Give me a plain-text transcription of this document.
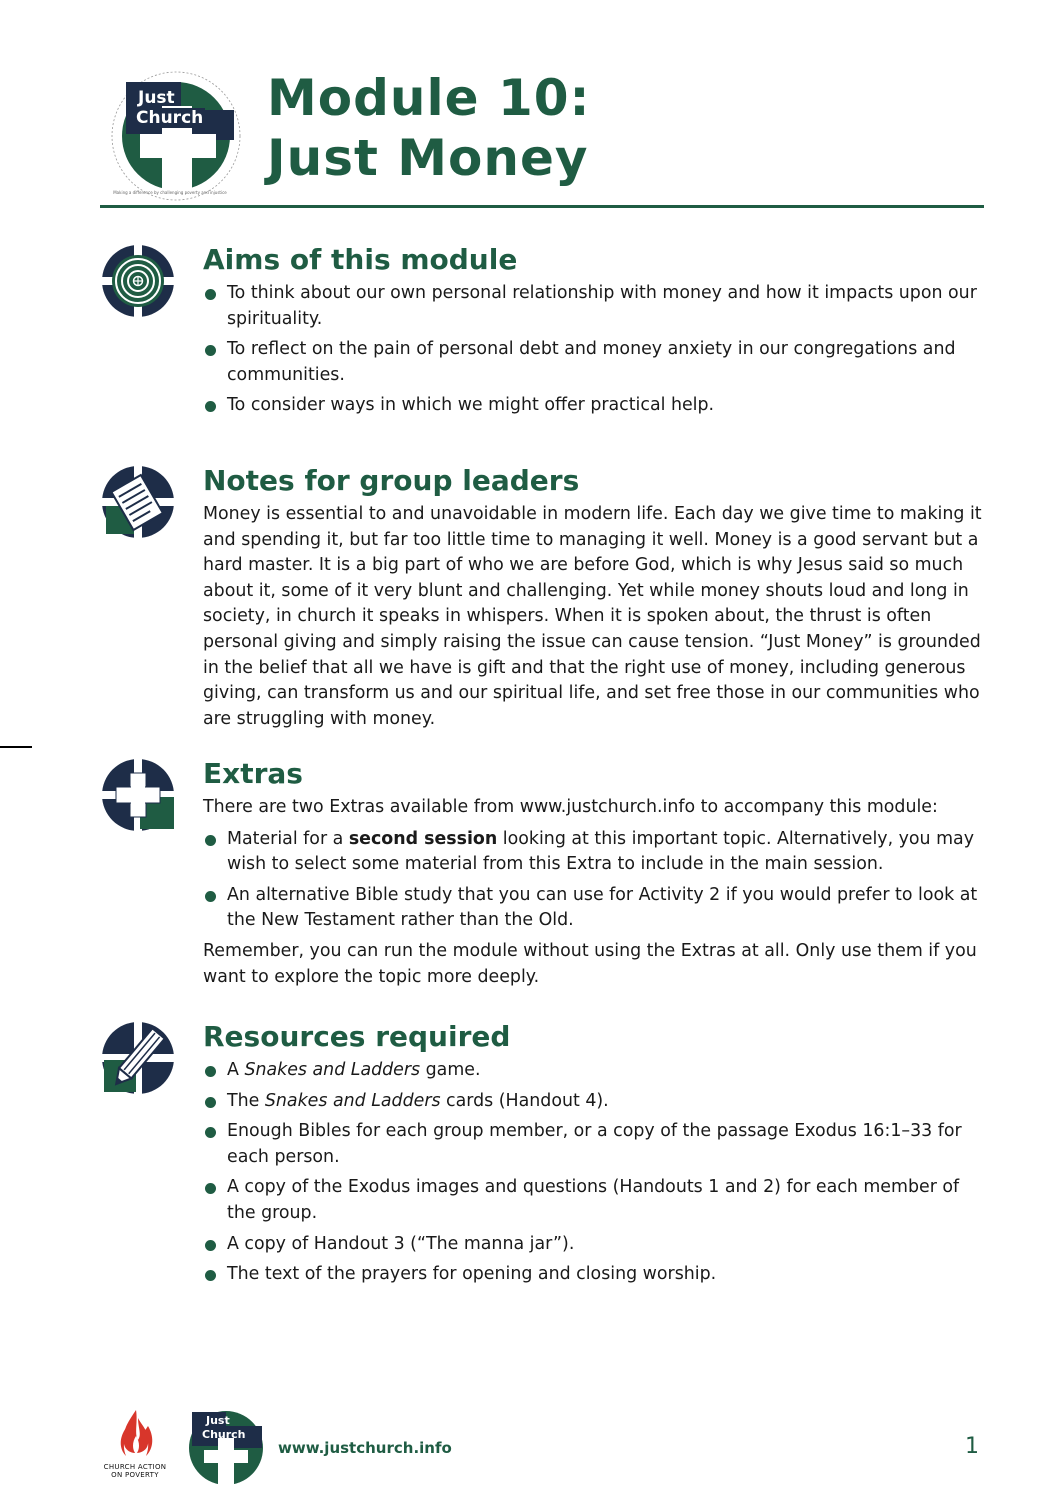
Just
Church
Making a difference by challenging poverty and injustice
Module 10:
Just Money
Aims of this module
To think about our own personal relationship with money and how it impacts upon our spirituality.
To reflect on the pain of personal debt and money anxiety in our congregations and communities.
To consider ways in which we might offer practical help.
Notes for group leaders

Money is essential to and unavoidable in modern life. Each day we give time to making it and spending it, but far too little time to managing it well. Money is a good servant but a hard master. It is a big part of who we are before God, which is why Jesus said so much about it, some of it very blunt and challenging. Yet while money shouts loud and long in society, in church it speaks in whispers. When it is spoken about, the thrust is often personal giving and simply raising the issue can cause tension. “Just Money” is grounded in the belief that all we have is gift and that the right use of money, including generous giving, can transform us and our spiritual life, and set free those in our communities who are struggling with money.

Extras

There are two Extras available from www.justchurch.info to accompany this module:

Material for a second session looking at this important topic. Alternatively, you may wish to select some material from this Extra to include in the main session.
An alternative Bible study that you can use for Activity 2 if you would prefer to look at the New Testament rather than the Old.

Remember, you can run the module without using the Extras at all. Only use them if you want to explore the topic more deeply.

Resources required
A Snakes and Ladders game.
The Snakes and Ladders cards (Handout 4).
Enough Bibles for each group member, or a copy of the passage Exodus 16:1–33 for each person.
A copy of the Exodus images and questions (Handouts 1 and 2) for each member of the group.
A copy of Handout 3 (“The manna jar”).
The text of the prayers for opening and closing worship.
CHURCH ACTION
ON POVERTY
Just
Church
www.justchurch.info	1
